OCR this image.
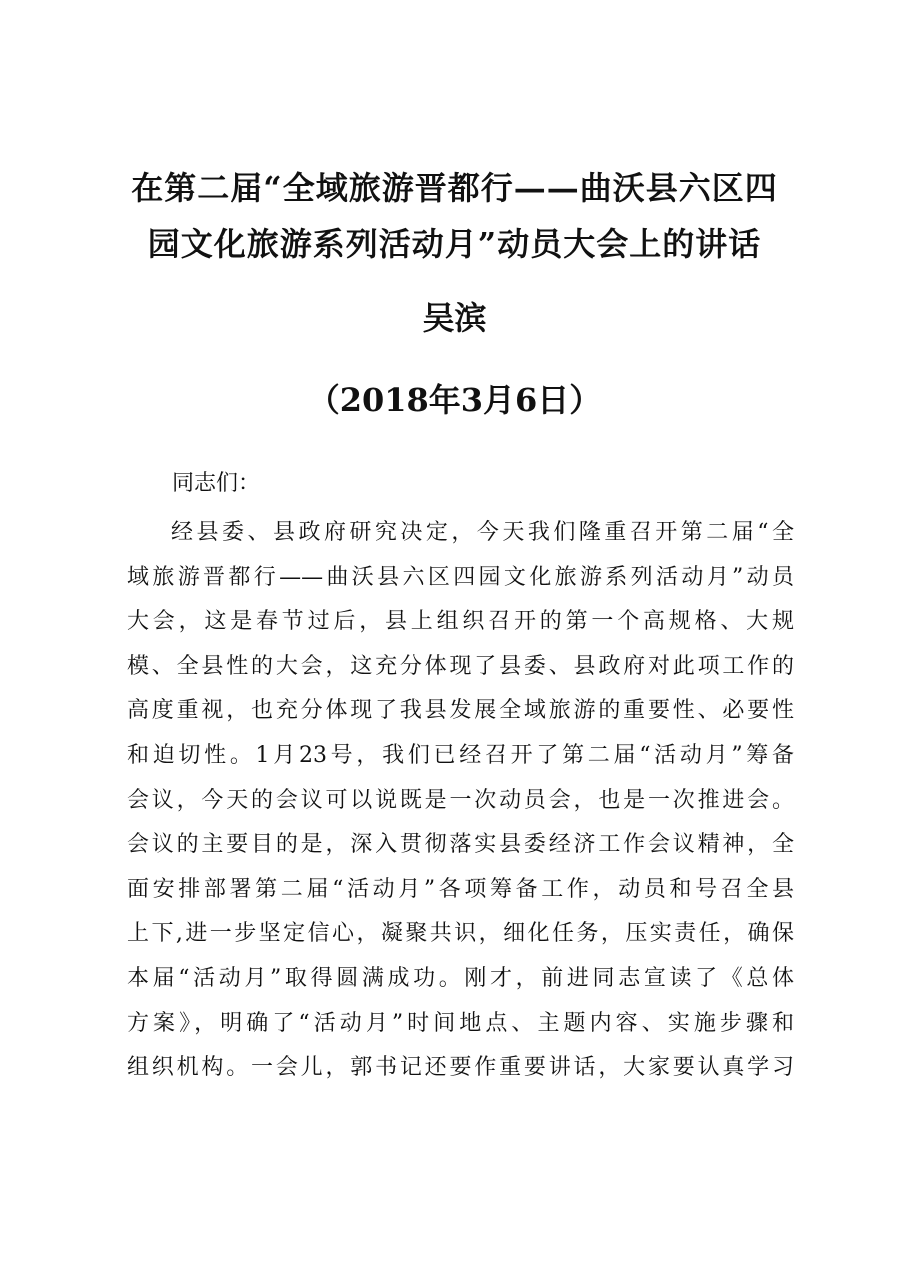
在第二届“全域旅游晋都行——曲沃县六区四
园文化旅游系列活动月”动员大会上的讲话
吴滨
（2018年3月6日）
同志们：
经县委、县政府研究决定，今天我们隆重召开第二届“全
域旅游晋都行——曲沃县六区四园文化旅游系列活动月”动员
大会，这是春节过后，县上组织召开的第一个高规格、大规
模、全县性的大会，这充分体现了县委、县政府对此项工作的
高度重视，也充分体现了我县发展全域旅游的重要性、必要性
和迫切性。1月23号，我们已经召开了第二届“活动月”筹备
会议，今天的会议可以说既是一次动员会，也是一次推进会。
会议的主要目的是，深入贯彻落实县委经济工作会议精神，全
面安排部署第二届“活动月”各项筹备工作，动员和号召全县
上下,进一步坚定信心，凝聚共识，细化任务，压实责任，确保
本届“活动月”取得圆满成功。刚才，前进同志宣读了《总体
方案》，明确了“活动月”时间地点、主题内容、实施步骤和
组织机构。一会儿，郭书记还要作重要讲话，大家要认真学习
